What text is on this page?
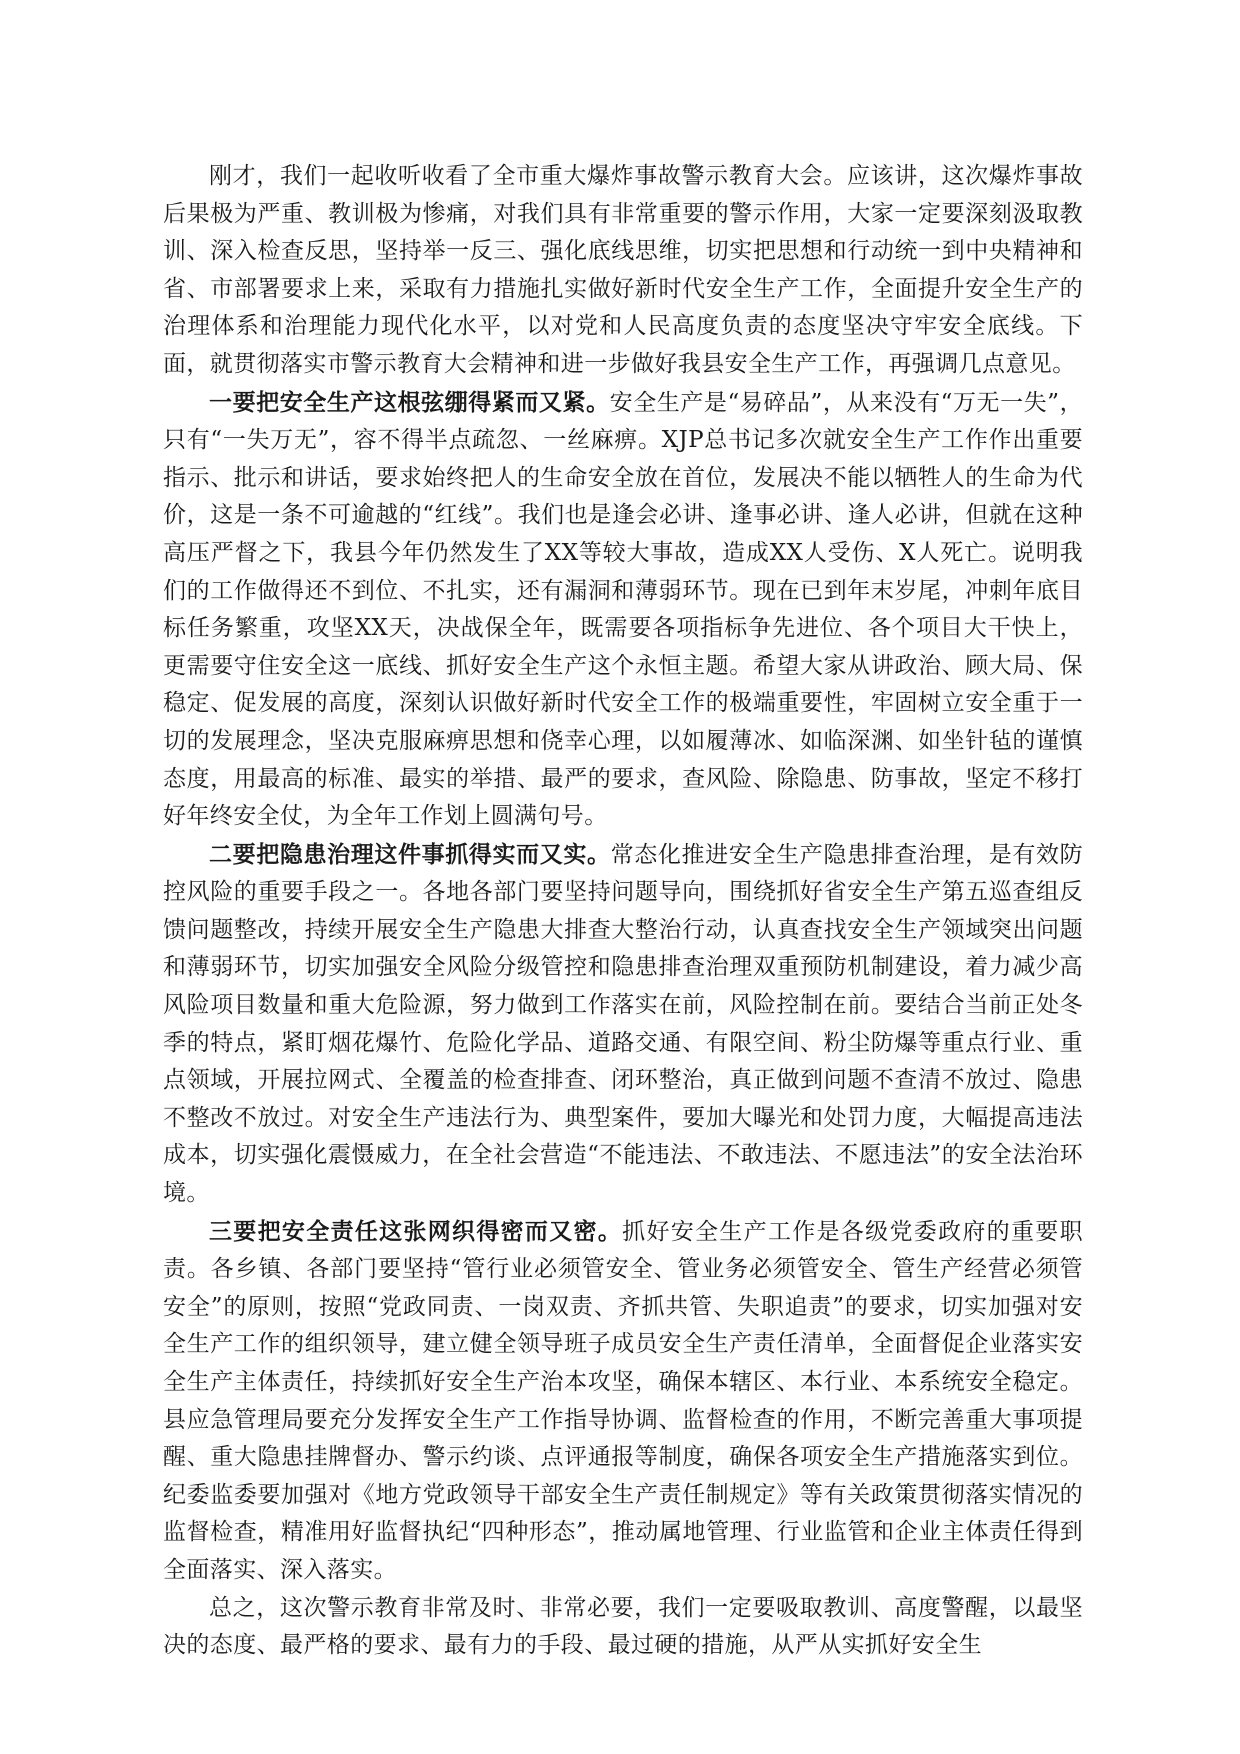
刚才，我们一起收听收看了全市重大爆炸事故警示教育大会。应该讲，这次爆炸事故后果极为严重、教训极为惨痛，对我们具有非常重要的警示作用，大家一定要深刻汲取教训、深入检查反思，坚持举一反三、强化底线思维，切实把思想和行动统一到中央精神和省、市部署要求上来，采取有力措施扎实做好新时代安全生产工作，全面提升安全生产的治理体系和治理能力现代化水平，以对党和人民高度负责的态度坚决守牢安全底线。下面，就贯彻落实市警示教育大会精神和进一步做好我县安全生产工作，再强调几点意见。

一要把安全生产这根弦绷得紧而又紧。安全生产是“易碎品”，从来没有“万无一失”，只有“一失万无”，容不得半点疏忽、一丝麻痹。XJP总书记多次就安全生产工作作出重要指示、批示和讲话，要求始终把人的生命安全放在首位，发展决不能以牺牲人的生命为代价，这是一条不可逾越的“红线”。我们也是逢会必讲、逢事必讲、逢人必讲，但就在这种高压严督之下，我县今年仍然发生了XX等较大事故，造成XX人受伤、X人死亡。说明我们的工作做得还不到位、不扎实，还有漏洞和薄弱环节。现在已到年末岁尾，冲刺年底目标任务繁重，攻坚XX天，决战保全年，既需要各项指标争先进位、各个项目大干快上，更需要守住安全这一底线、抓好安全生产这个永恒主题。希望大家从讲政治、顾大局、保稳定、促发展的高度，深刻认识做好新时代安全工作的极端重要性，牢固树立安全重于一切的发展理念，坚决克服麻痹思想和侥幸心理，以如履薄冰、如临深渊、如坐针毡的谨慎态度，用最高的标准、最实的举措、最严的要求，查风险、除隐患、防事故，坚定不移打好年终安全仗，为全年工作划上圆满句号。

二要把隐患治理这件事抓得实而又实。常态化推进安全生产隐患排查治理，是有效防控风险的重要手段之一。各地各部门要坚持问题导向，围绕抓好省安全生产第五巡查组反馈问题整改，持续开展安全生产隐患大排查大整治行动，认真查找安全生产领域突出问题和薄弱环节，切实加强安全风险分级管控和隐患排查治理双重预防机制建设，着力减少高风险项目数量和重大危险源，努力做到工作落实在前，风险控制在前。要结合当前正处冬季的特点，紧盯烟花爆竹、危险化学品、道路交通、有限空间、粉尘防爆等重点行业、重点领域，开展拉网式、全覆盖的检查排查、闭环整治，真正做到问题不查清不放过、隐患不整改不放过。对安全生产违法行为、典型案件，要加大曝光和处罚力度，大幅提高违法成本，切实强化震慑威力，在全社会营造“不能违法、不敢违法、不愿违法”的安全法治环境。

三要把安全责任这张网织得密而又密。抓好安全生产工作是各级党委政府的重要职责。各乡镇、各部门要坚持“管行业必须管安全、管业务必须管安全、管生产经营必须管安全”的原则，按照“党政同责、一岗双责、齐抓共管、失职追责”的要求，切实加强对安全生产工作的组织领导，建立健全领导班子成员安全生产责任清单，全面督促企业落实安全生产主体责任，持续抓好安全生产治本攻坚，确保本辖区、本行业、本系统安全稳定。县应急管理局要充分发挥安全生产工作指导协调、监督检查的作用，不断完善重大事项提醒、重大隐患挂牌督办、警示约谈、点评通报等制度，确保各项安全生产措施落实到位。纪委监委要加强对《地方党政领导干部安全生产责任制规定》等有关政策贯彻落实情况的监督检查，精准用好监督执纪“四种形态”，推动属地管理、行业监管和企业主体责任得到全面落实、深入落实。

总之，这次警示教育非常及时、非常必要，我们一定要吸取教训、高度警醒，以最坚决的态度、最严格的要求、最有力的手段、最过硬的措施，从严从实抓好安全生
